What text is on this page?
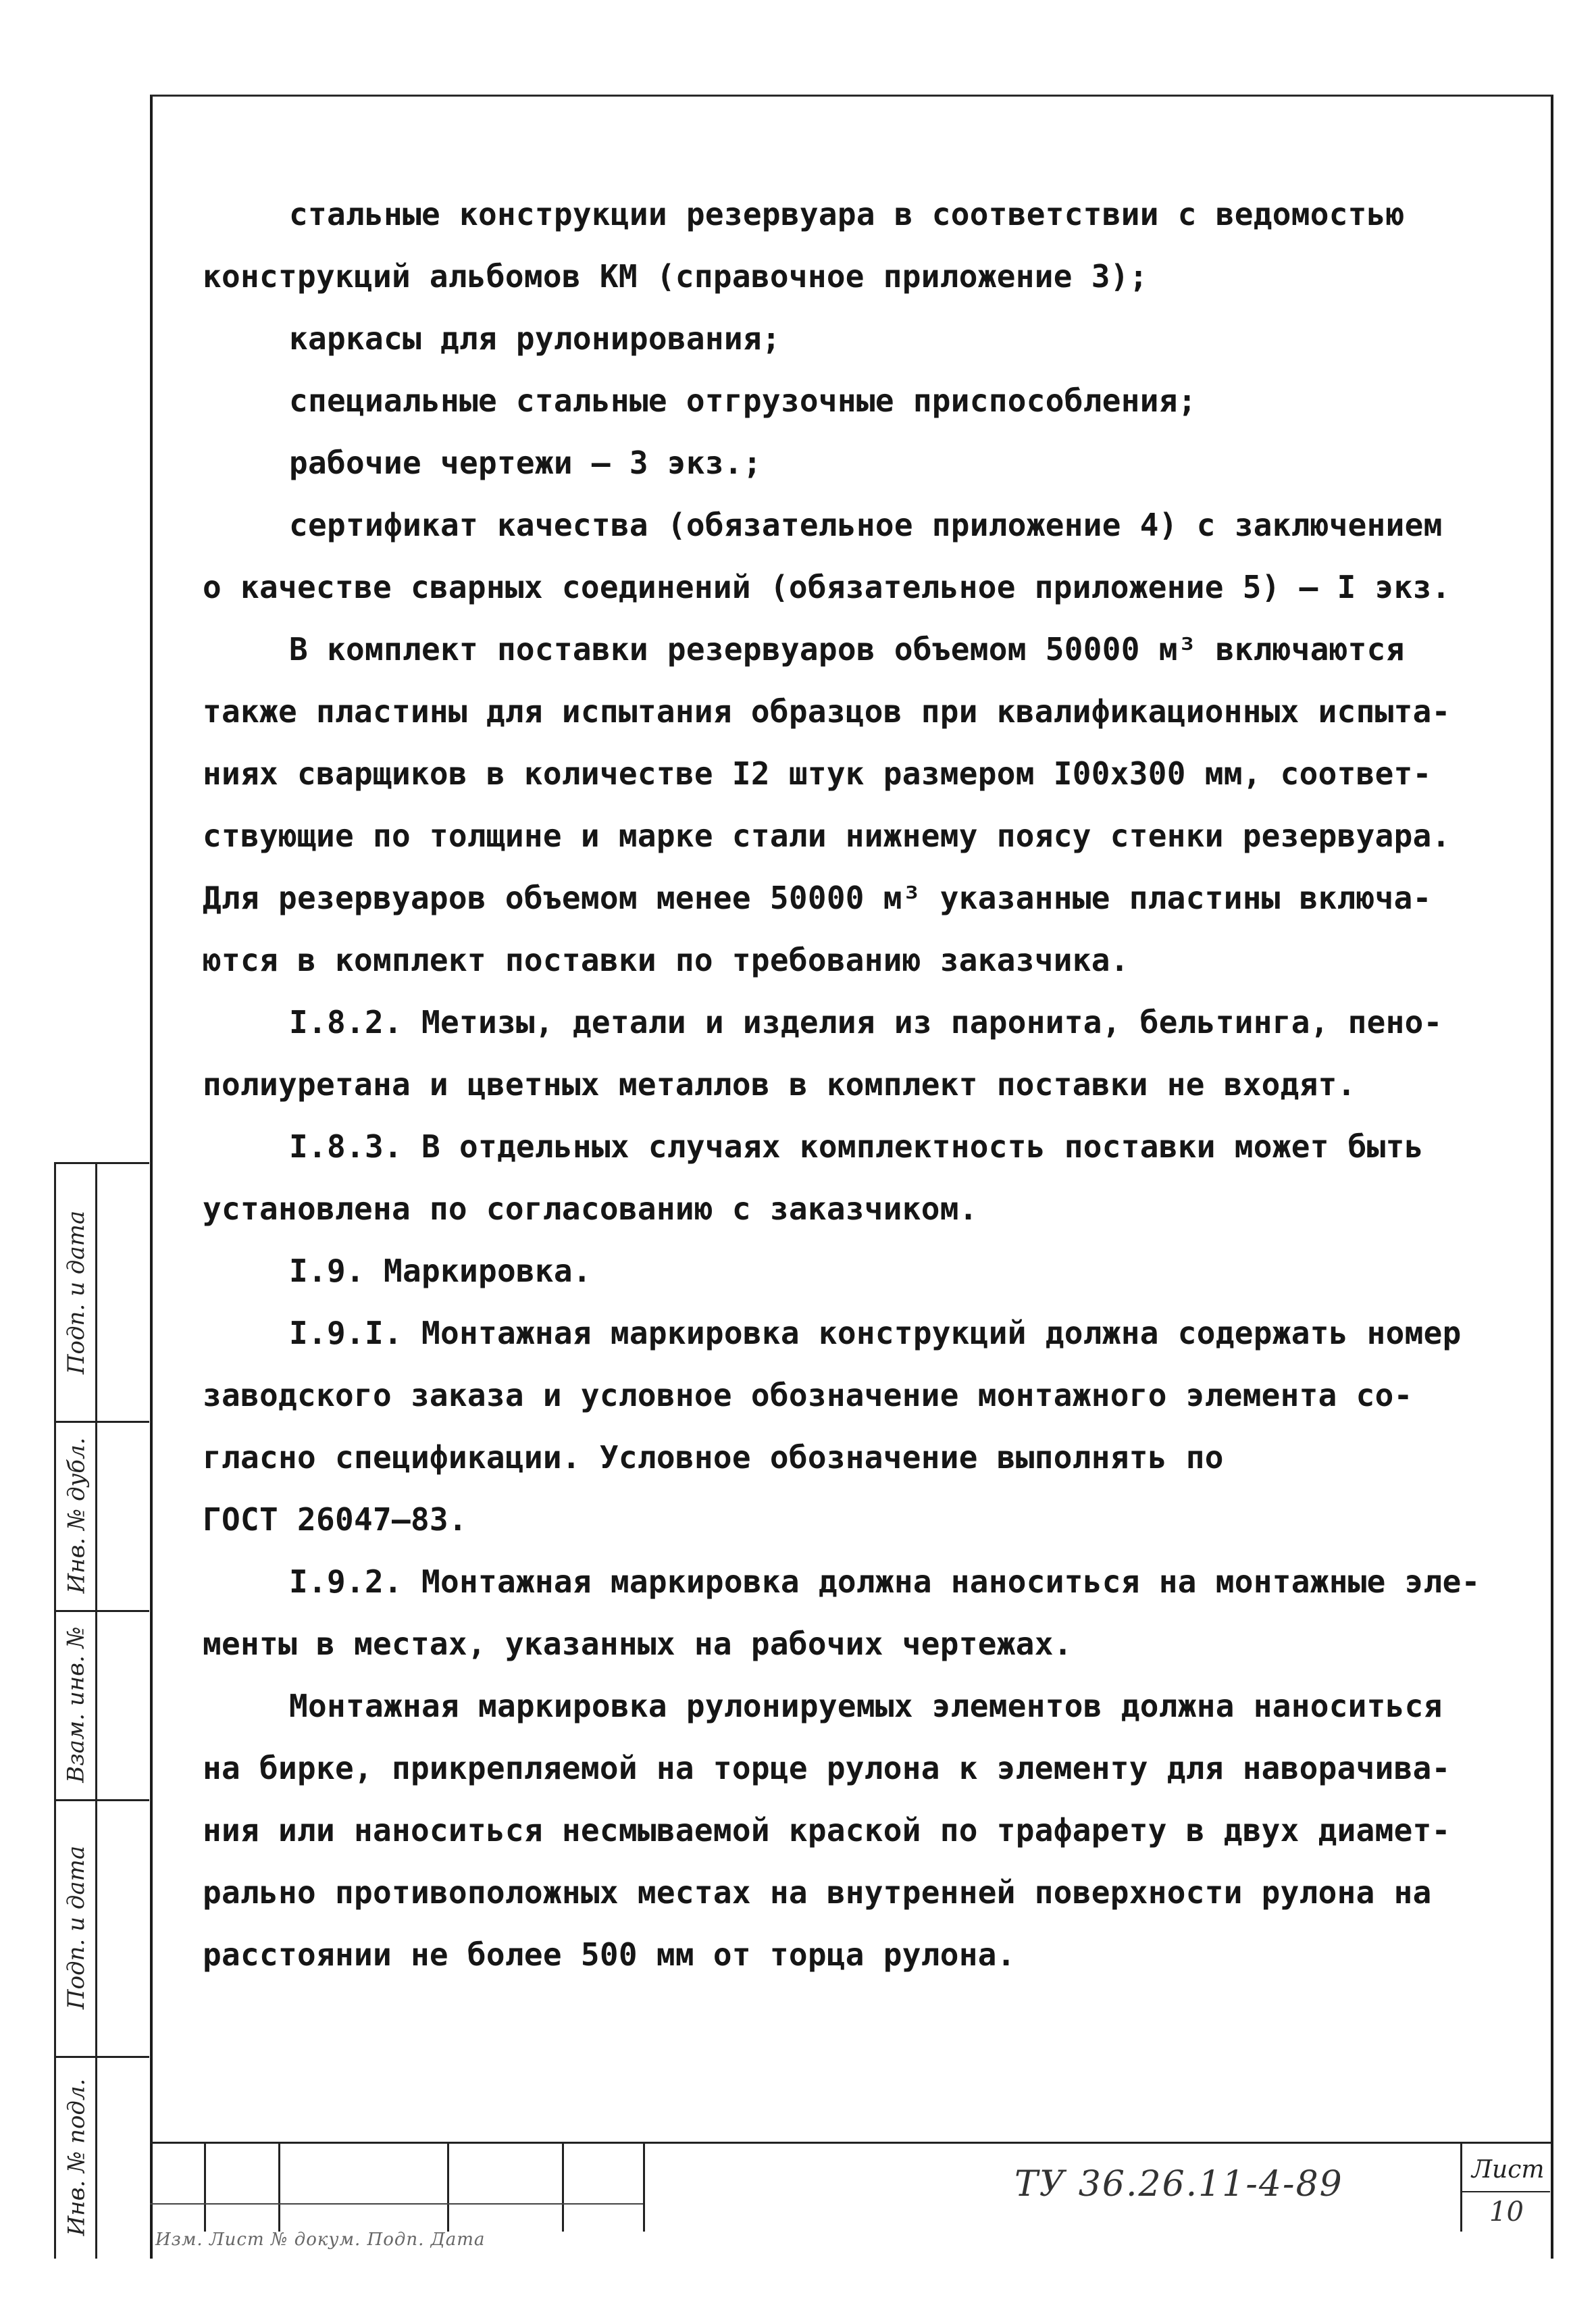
стальные конструкции резервуара в соответствии с ведомостью
конструкций альбомов КМ (справочное приложение 3);
каркасы для рулонирования;
специальные стальные отгрузочные приспособления;
рабочие чертежи – 3 экз.;
сертификат качества (обязательное приложение 4) с заключением
о качестве сварных соединений (обязательное приложение 5) – I экз.
В комплект поставки резервуаров объемом 50000 м³ включаются
также пластины для испытания образцов при квалификационных испыта-
ниях сварщиков в количестве I2 штук размером I00х300 мм, соответ-
ствующие по толщине и марке стали нижнему поясу стенки резервуара.
Для резервуаров объемом менее 50000 м³ указанные пластины включа-
ются в комплект поставки по требованию заказчика.
I.8.2. Метизы, детали и изделия из паронита, бельтинга, пено-
полиуретана и цветных металлов в комплект поставки не входят.
I.8.3. В отдельных случаях комплектность поставки может быть
установлена по согласованию с заказчиком.
I.9. Маркировка.
I.9.I. Монтажная маркировка конструкций должна содержать номер
заводского заказа и условное обозначение монтажного элемента со-
гласно спецификации. Условное обозначение выполнять по
ГОСТ 26047–83.
I.9.2. Монтажная маркировка должна наноситься на монтажные эле-
менты в местах, указанных на рабочих чертежах.
Монтажная маркировка рулонируемых элементов должна наноситься
на бирке, прикрепляемой на торце рулона к элементу для наворачива-
ния или наноситься несмываемой краской по трафарету в двух диамет-
рально противоположных местах на внутренней поверхности рулона на
расстоянии не более 500 мм от торца рулона.
Подп. и дата
Инв. № дубл.
Взам. инв. №
Подп. и дата
Инв. № подл.	ТУ 36.26.11-4-89	Лист
10
Изм. Лист № докум. Подп. Дата
